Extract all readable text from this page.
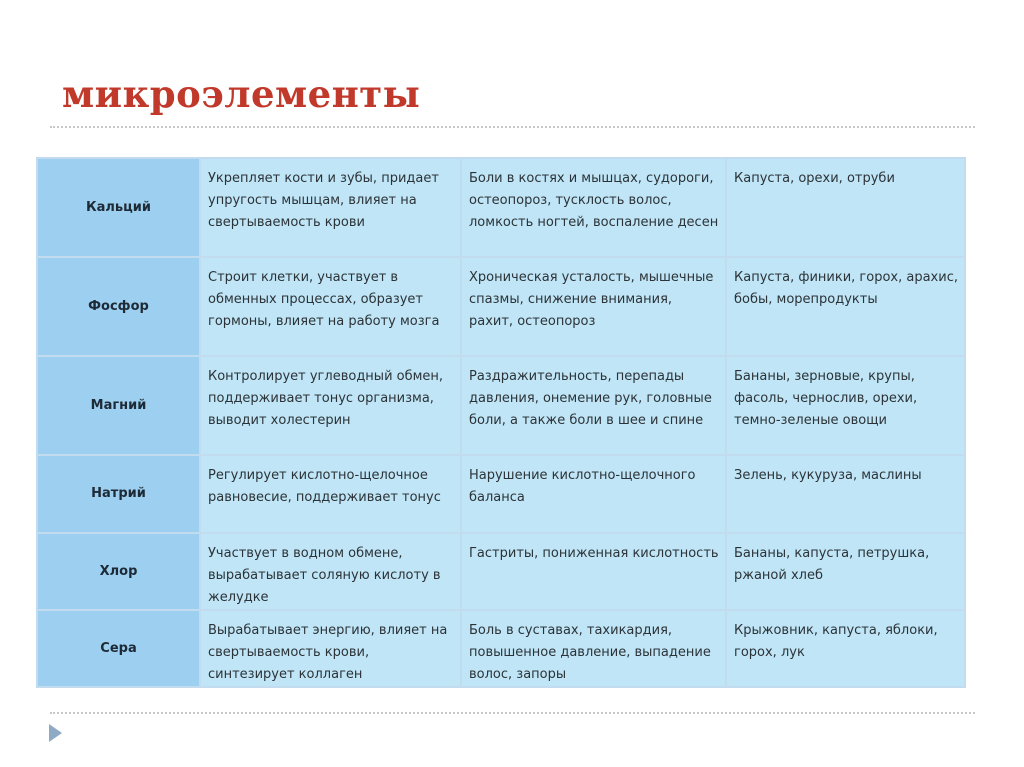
микроэлементы
Кальций	Укрепляет кости и зубы, придает упругость мышцам, влияет на свертываемость крови	Боли в костях и мышцах, судороги, остеопороз, тусклость волос, ломкость ногтей, воспаление десен	Капуста, орехи, отруби
Фосфор	Строит клетки, участвует в обменных процессах, образует гормоны, влияет на работу мозга	Хроническая усталость, мышечные спазмы, снижение внимания, рахит, остеопороз	Капуста, финики, горох, арахис, бобы, морепродукты
Магний	Контролирует углеводный обмен, поддерживает тонус организма, выводит холестерин	Раздражительность, перепады давления, онемение рук, головные боли, а также боли в шее и спине	Бананы, зерновые, крупы, фасоль, чернослив, орехи, темно-зеленые овощи
Натрий	Регулирует кислотно-щелочное равновесие, поддерживает тонус	Нарушение кислотно-щелочного баланса	Зелень, кукуруза, маслины
Хлор	Участвует в водном обмене, вырабатывает соляную кислоту в желудке	Гастриты, пониженная кислотность	Бананы, капуста, петрушка, ржаной хлеб
Сера	Вырабатывает энергию, влияет на свертываемость крови, синтезирует коллаген	Боль в суставах, тахикардия, повышенное давление, выпадение волос, запоры	Крыжовник, капуста, яблоки, горох, лук
